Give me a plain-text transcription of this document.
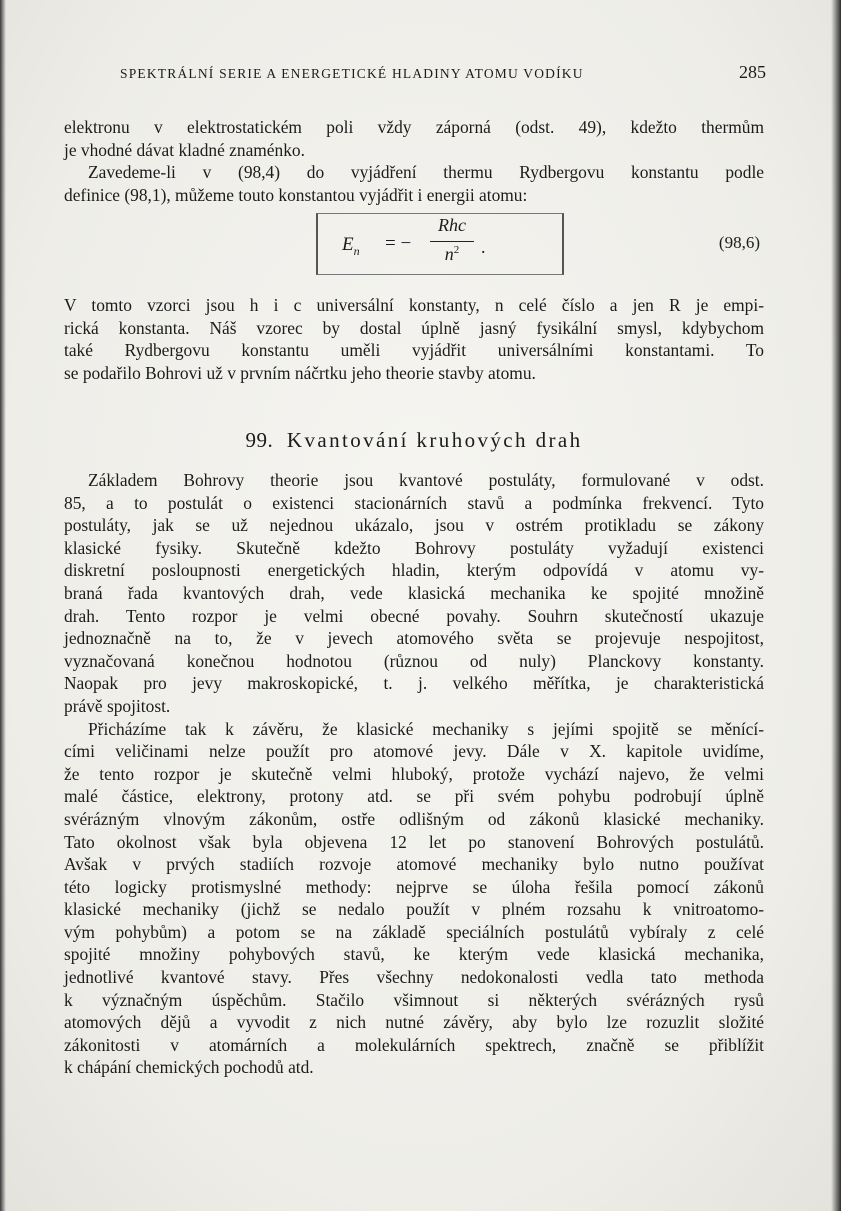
SPEKTRÁLNÍ SERIE A ENERGETICKÉ HLADINY ATOMU VODÍKU	285
elektronu v elektrostatickém poli vždy záporná (odst. 49), kdežto thermům
je vhodné dávat kladné znaménko.
Zavedeme-li v (98,4) do vyjádření thermu Rydbergovu konstantu podle
definice (98,1), můžeme touto konstantou vyjádřit i energii atomu:
$E_n$ = −
Rhc
$n^2$	.	(98,6)
V tomto vzorci jsou h i c universální konstanty, n celé číslo a jen R je empi-
rická konstanta. Náš vzorec by dostal úplně jasný fysikální smysl, kdybychom
také Rydbergovu konstantu uměli vyjádřit universálními konstantami. To
se podařilo Bohrovi už v prvním náčrtku jeho theorie stavby atomu.
99. Kvantování kruhových drah
Základem Bohrovy theorie jsou kvantové postuláty, formulované v odst.
85, a to postulát o existenci stacionárních stavů a podmínka frekvencí. Tyto
postuláty, jak se už nejednou ukázalo, jsou v ostrém protikladu se zákony
klasické fysiky. Skutečně kdežto Bohrovy postuláty vyžadují existenci
diskretní posloupnosti energetických hladin, kterým odpovídá v atomu vy-
braná řada kvantových drah, vede klasická mechanika ke spojité množině
drah. Tento rozpor je velmi obecné povahy. Souhrn skutečností ukazuje
jednoznačně na to, že v jevech atomového světa se projevuje nespojitost,
vyznačovaná konečnou hodnotou (různou od nuly) Planckovy konstanty.
Naopak pro jevy makroskopické, t. j. velkého měřítka, je charakteristická
právě spojitost.
Přicházíme tak k závěru, že klasické mechaniky s jejími spojitě se měnící-
cími veličinami nelze použít pro atomové jevy. Dále v X. kapitole uvidíme,
že tento rozpor je skutečně velmi hluboký, protože vychází najevo, že velmi
malé částice, elektrony, protony atd. se při svém pohybu podrobují úplně
svérázným vlnovým zákonům, ostře odlišným od zákonů klasické mechaniky.
Tato okolnost však byla objevena 12 let po stanovení Bohrových postulátů.
Avšak v prvých stadiích rozvoje atomové mechaniky bylo nutno používat
této logicky protismyslné methody: nejprve se úloha řešila pomocí zákonů
klasické mechaniky (jichž se nedalo použít v plném rozsahu k vnitroatomo-
vým pohybům) a potom se na základě speciálních postulátů vybíraly z celé
spojité množiny pohybových stavů, ke kterým vede klasická mechanika,
jednotlivé kvantové stavy. Přes všechny nedokonalosti vedla tato methoda
k význačným úspěchům. Stačilo všimnout si některých svérázných rysů
atomových dějů a vyvodit z nich nutné závěry, aby bylo lze rozuzlit složité
zákonitosti v atomárních a molekulárních spektrech, značně se přiblížit
k chápání chemických pochodů atd.
